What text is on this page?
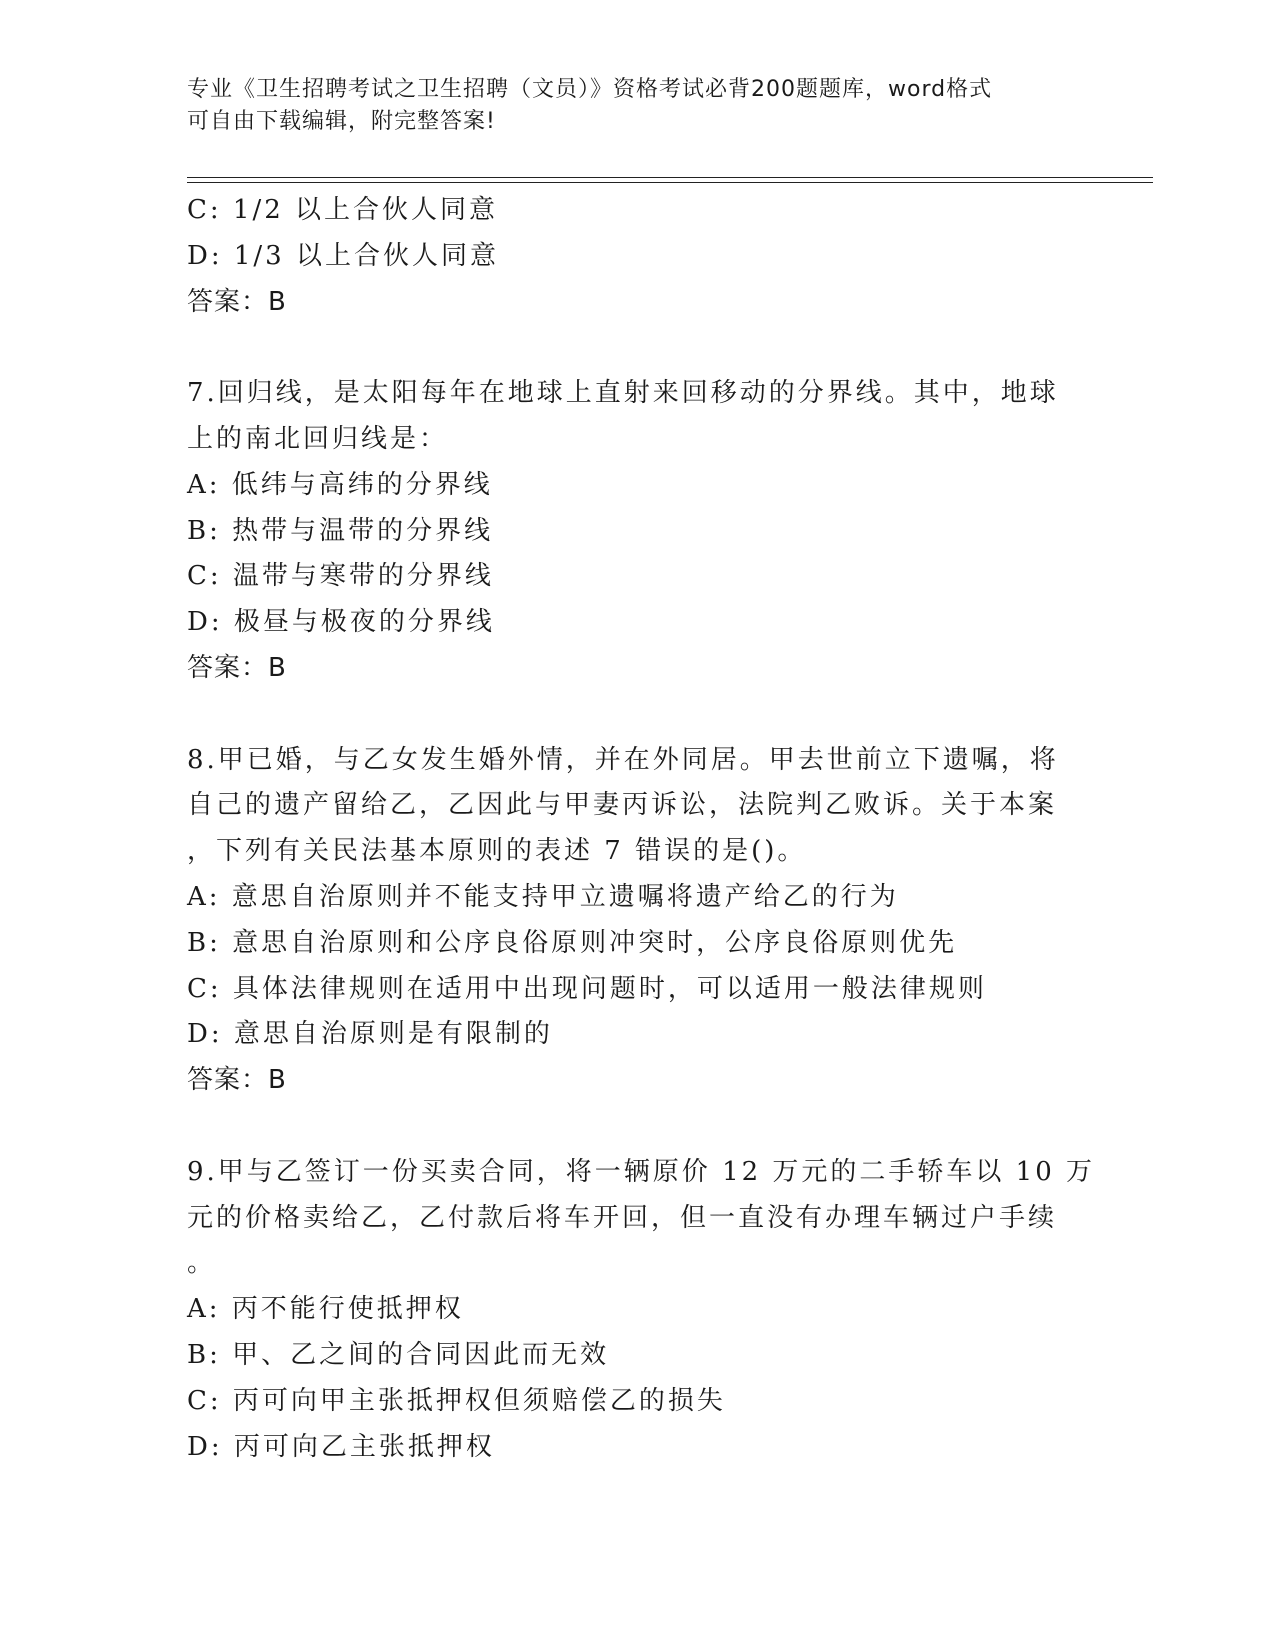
专业《卫生招聘考试之卫生招聘（文员）》资格考试必背200题题库，word格式
可自由下载编辑，附完整答案!
C: 1/2 以上合伙人同意
D: 1/3 以上合伙人同意
答案：B
7.回归线，是太阳每年在地球上直射来回移动的分界线。其中，地球
上的南北回归线是：
A: 低纬与高纬的分界线
B: 热带与温带的分界线
C: 温带与寒带的分界线
D: 极昼与极夜的分界线
答案：B
8.甲已婚，与乙女发生婚外情，并在外同居。甲去世前立下遗嘱，将
自己的遗产留给乙，乙因此与甲妻丙诉讼，法院判乙败诉。关于本案
，下列有关民法基本原则的表述 7 错误的是()。
A: 意思自治原则并不能支持甲立遗嘱将遗产给乙的行为
B: 意思自治原则和公序良俗原则冲突时，公序良俗原则优先
C: 具体法律规则在适用中出现问题时，可以适用一般法律规则
D: 意思自治原则是有限制的
答案：B
9.甲与乙签订一份买卖合同，将一辆原价 12 万元的二手轿车以 10 万
元的价格卖给乙，乙付款后将车开回，但一直没有办理车辆过户手续
。
A: 丙不能行使抵押权
B: 甲、乙之间的合同因此而无效
C: 丙可向甲主张抵押权但须赔偿乙的损失
D: 丙可向乙主张抵押权
